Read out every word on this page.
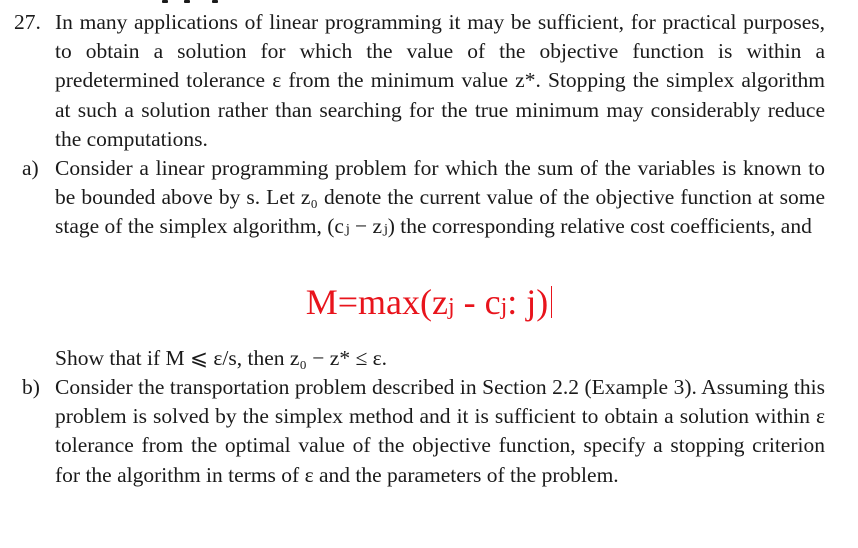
27. In many applications of linear programming it may be sufficient, for practical purposes, to obtain a solution for which the value of the objective function is within a predetermined tolerance ε from the minimum value z*. Stopping the simplex algorithm at such a solution rather than searching for the true minimum may considerably reduce the computations.
a) Consider a linear programming problem for which the sum of the variables is known to be bounded above by s. Let z₀ denote the current value of the objective function at some stage of the simplex algorithm, (cⱼ − zⱼ) the corresponding relative cost coefficients, and
M=max(zj - cj: j)
Show that if M ⩽ ε/s, then z₀ − z* ≤ ε.
b) Consider the transportation problem described in Section 2.2 (Example 3). Assuming this problem is solved by the simplex method and it is sufficient to obtain a solution within ε tolerance from the optimal value of the objective function, specify a stopping criterion for the algorithm in terms of ε and the parameters of the problem.
